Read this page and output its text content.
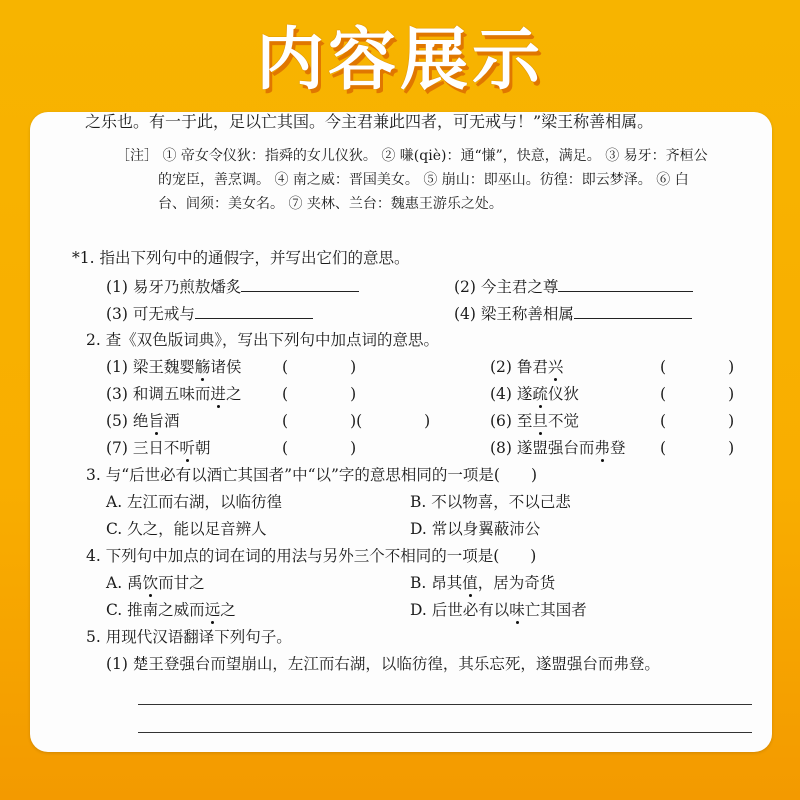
内容展示
之乐也。有一于此，足以亡其国。今主君兼此四者，可无戒与！”梁王称善相属。
［注］ ① 帝女令仪狄：指舜的女儿仪狄。 ② 嗛(qiè)：通“慊”，快意，满足。 ③ 易牙：齐桓公
的宠臣，善烹调。 ④ 南之威：晋国美女。 ⑤ 崩山：即巫山。彷徨：即云梦泽。 ⑥ 白
台、闾须：美女名。 ⑦ 夹林、兰台：魏惠王游乐之处。
*1. 指出下列句中的通假字，并写出它们的意思。
(1) 易牙乃煎敖燔炙	(2) 今主君之尊
(3) 可无戒与	(4) 梁王称善相属
2. 查《双色版词典》，写出下列句中加点词的意思。
(1) 梁王魏婴觞诸侯	(	)	(2) 鲁君兴	(	)
(3) 和调五味而进之	(	)	(4) 遂疏仪狄	(	)
(5) 绝旨酒	(	)(	)	(6) 至旦不觉	(	)
(7) 三日不听朝	(	)	(8) 遂盟强台而弗登 (	)
3. 与“后世必有以酒亡其国者”中“以”字的意思相同的一项是(　　)
A. 左江而右湖，以临彷徨	B. 不以物喜，不以己悲
C. 久之，能以足音辨人	D. 常以身翼蔽沛公
4. 下列句中加点的词在词的用法与另外三个不相同的一项是(　　)
A. 禹饮而甘之	B. 昂其值，居为奇货
C. 推南之威而远之	D. 后世必有以味亡其国者
5. 用现代汉语翻译下列句子。
(1) 楚王登强台而望崩山，左江而右湖，以临彷徨，其乐忘死，遂盟强台而弗登。
